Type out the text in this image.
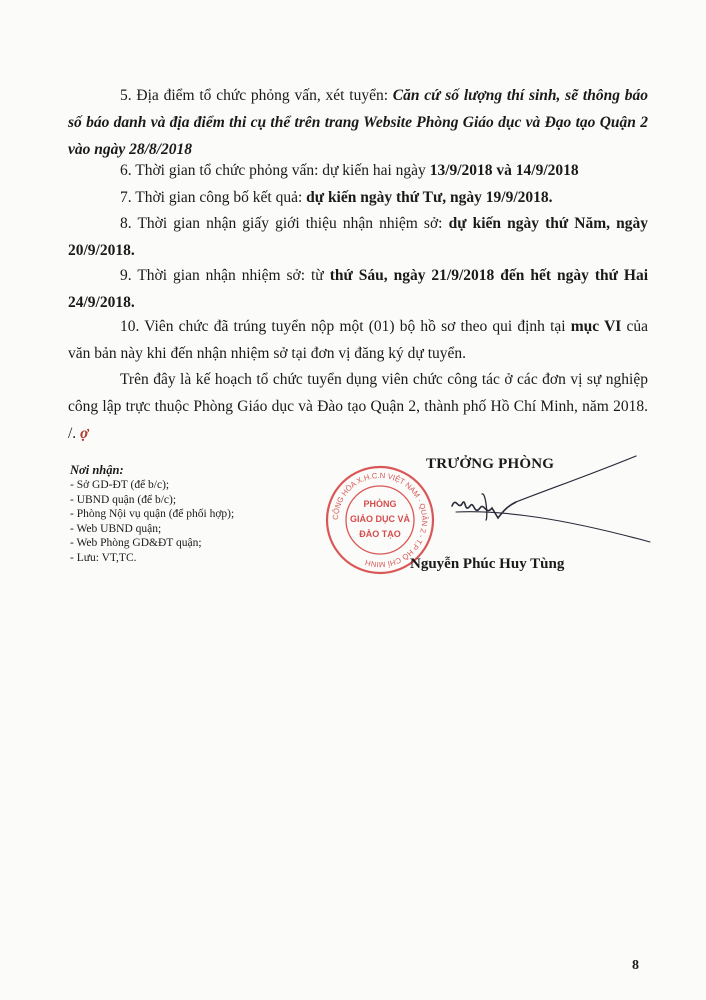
5. Địa điểm tổ chức phỏng vấn, xét tuyển: Căn cứ số lượng thí sinh, sẽ thông báo số báo danh và địa điểm thi cụ thể trên trang Website Phòng Giáo dục và Đạo tạo Quận 2 vào ngày 28/8/2018

6. Thời gian tổ chức phỏng vấn: dự kiến hai ngày 13/9/2018 và 14/9/2018

7. Thời gian công bố kết quả: dự kiến ngày thứ Tư, ngày 19/9/2018.

8. Thời gian nhận giấy giới thiệu nhận nhiệm sở: dự kiến ngày thứ Năm, ngày 20/9/2018.

9. Thời gian nhận nhiệm sở: từ thứ Sáu, ngày 21/9/2018 đến hết ngày thứ Hai 24/9/2018.

10. Viên chức đã trúng tuyển nộp một (01) bộ hồ sơ theo qui định tại mục VI của văn bản này khi đến nhận nhiệm sở tại đơn vị đăng ký dự tuyển.

Trên đây là kế hoạch tổ chức tuyển dụng viên chức công tác ở các đơn vị sự nghiệp công lập trực thuộc Phòng Giáo dục và Đào tạo Quận 2, thành phố Hồ Chí Minh, năm 2018. /. ợ

Nơi nhận:
- Sở GD-ĐT (để b/c);
- UBND quận (để b/c);
- Phòng Nội vụ quận (để phối hợp);
- Web UBND quận;
- Web Phòng GD&ĐT quận;
- Lưu: VT,TC.
CỘNG HÒA X.H.C.N VIỆT NAM · QUẬN 2 - T.P HỒ CHÍ MINH
PHÒNG
GIÁO DỤC VÀ
ĐÀO TẠO
TRƯỞNG PHÒNG
Nguyễn Phúc Huy Tùng
8
